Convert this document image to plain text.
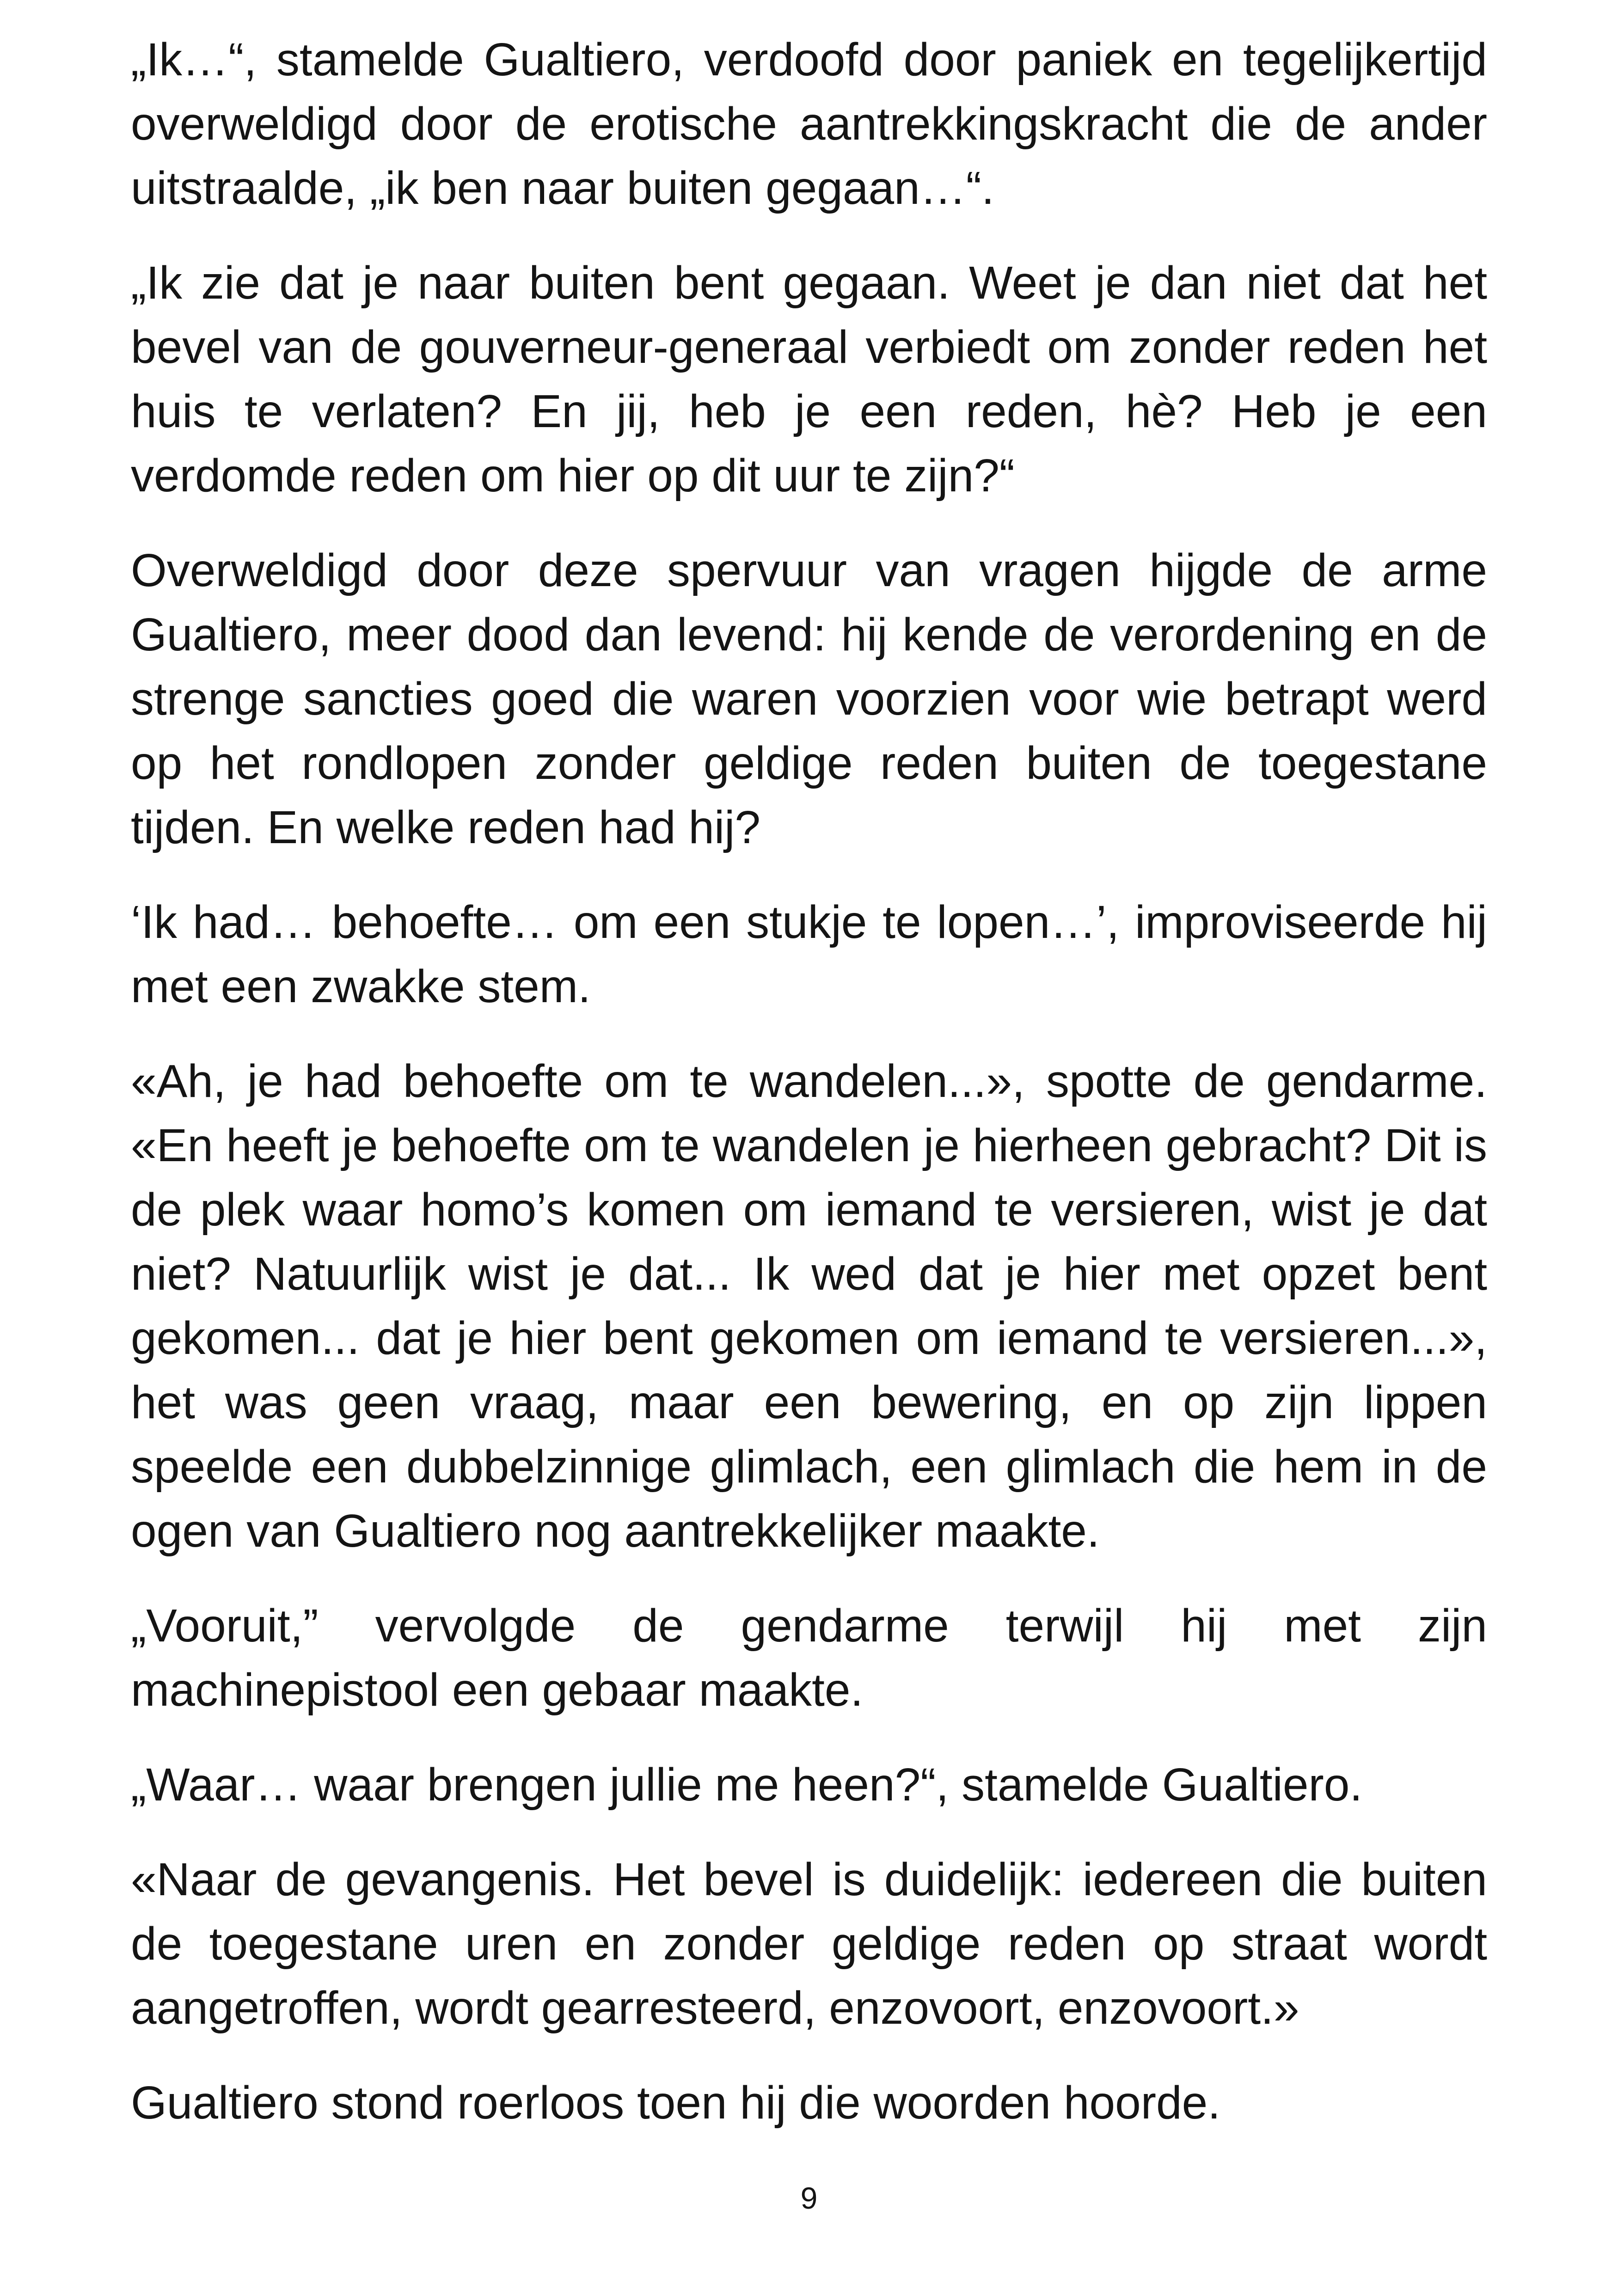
„Ik…“, stamelde Gualtiero, verdoofd door paniek en tegelijkertijd overweldigd door de erotische aantrekkingskracht die de ander uitstraalde, „ik ben naar buiten gegaan…“.

„Ik zie dat je naar buiten bent gegaan. Weet je dan niet dat het bevel van de gouverneur-generaal verbiedt om zonder reden het huis te verlaten? En jij, heb je een reden, hè? Heb je een verdomde reden om hier op dit uur te zijn?“

Overweldigd door deze spervuur van vragen hijgde de arme Gualtiero, meer dood dan levend: hij kende de verordening en de strenge sancties goed die waren voorzien voor wie betrapt werd op het rondlopen zonder geldige reden buiten de toegestane tijden. En welke reden had hij?

‘Ik had… behoefte… om een stukje te lopen…’, improviseerde hij met een zwakke stem.

«Ah, je had behoefte om te wandelen...», spotte de gendarme. «En heeft je behoefte om te wandelen je hierheen gebracht? Dit is de plek waar homo’s komen om iemand te versieren, wist je dat niet? Natuurlijk wist je dat... Ik wed dat je hier met opzet bent gekomen... dat je hier bent gekomen om iemand te versieren...», het was geen vraag, maar een bewering, en op zijn lippen speelde een dubbelzinnige glimlach, een glimlach die hem in de ogen van Gualtiero nog aantrekkelijker maakte.

„Vooruit,” vervolgde de gendarme terwijl hij met zijn machinepistool een gebaar maakte.

„Waar… waar brengen jullie me heen?“, stamelde Gualtiero.

«Naar de gevangenis. Het bevel is duidelijk: iedereen die buiten de toegestane uren en zonder geldige reden op straat wordt aangetroffen, wordt gearresteerd, enzovoort, enzovoort.»

Gualtiero stond roerloos toen hij die woorden hoorde.

9
